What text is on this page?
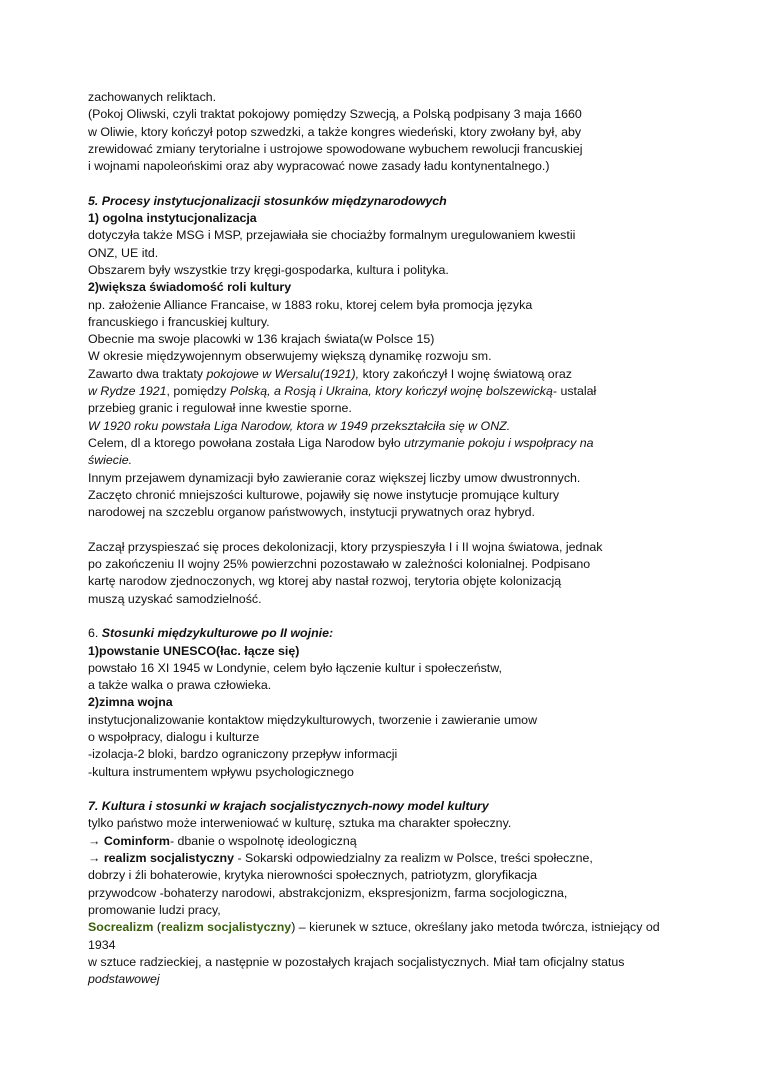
zachowanych reliktach.

(Pokoj Oliwski, czyli traktat pokojowy pomiędzy Szwecją, a Polską podpisany 3 maja 1660

w Oliwie, ktory kończył potop szwedzki, a także kongres wiedeński, ktory zwołany był, aby

zrewidować zmiany terytorialne i ustrojowe spowodowane wybuchem rewolucji francuskiej

i wojnami napoleońskimi oraz aby wypracować nowe zasady ładu kontynentalnego.)

5. Procesy instytucjonalizacji stosunków międzynarodowych

1) ogolna instytucjonalizacja

dotyczyła także MSG i MSP, przejawiała sie chociażby formalnym uregulowaniem kwestii

ONZ, UE itd.

Obszarem były wszystkie trzy kręgi-gospodarka, kultura i polityka.

2)większa świadomość roli kultury

np. założenie Alliance Francaise, w 1883 roku, ktorej celem była promocja języka

francuskiego i francuskiej kultury.

Obecnie ma swoje placowki w 136 krajach świata(w Polsce 15)

W okresie międzywojennym obserwujemy większą dynamikę rozwoju sm.

Zawarto dwa traktaty pokojowe w Wersalu(1921), ktory zakończył I wojnę światową oraz

w Rydze 1921, pomiędzy Polską, a Rosją i Ukraina, ktory kończył wojnę bolszewicką- ustalał

przebieg granic i regulował inne kwestie sporne.

W 1920 roku powstała Liga Narodow, ktora w 1949 przekształciła się w ONZ.

Celem, dl a ktorego powołana została Liga Narodow było utrzymanie pokoju i wspołpracy na

świecie.

Innym przejawem dynamizacji było zawieranie coraz większej liczby umow dwustronnych.

Zaczęto chronić mniejszości kulturowe, pojawiły się nowe instytucje promujące kultury

narodowej na szczeblu organow państwowych, instytucji prywatnych oraz hybryd.

Zaczął przyspieszać się proces dekolonizacji, ktory przyspieszyła I i II wojna światowa, jednak

po zakończeniu II wojny 25% powierzchni pozostawało w zależności kolonialnej. Podpisano

kartę narodow zjednoczonych, wg ktorej aby nastał rozwoj, terytoria objęte kolonizacją

muszą uzyskać samodzielność.

6. Stosunki międzykulturowe po II wojnie:

1)powstanie UNESCO(łac. łącze się)

powstało 16 XI 1945 w Londynie, celem było łączenie kultur i społeczeństw,

a także walka o prawa człowieka.

2)zimna wojna

instytucjonalizowanie kontaktow międzykulturowych, tworzenie i zawieranie umow

o wspołpracy, dialogu i kulturze

-izolacja-2 bloki, bardzo ograniczony przepływ informacji

-kultura instrumentem wpływu psychologicznego

7. Kultura i stosunki w krajach socjalistycznych-nowy model kultury

tylko państwo może interweniować w kulturę, sztuka ma charakter społeczny.

→ Cominform- dbanie o wspolnotę ideologiczną

→ realizm socjalistyczny - Sokarski odpowiedzialny za realizm w Polsce, treści społeczne,

dobrzy i źli bohaterowie, krytyka nierowności społecznych, patriotyzm, gloryfikacja

przywodcow -bohaterzy narodowi, abstrakcjonizm, ekspresjonizm, farma socjologiczna,

promowanie ludzi pracy,

Socrealizm (realizm socjalistyczny) – kierunek w sztuce, określany jako metoda twórcza, istniejący od

1934

w sztuce radzieckiej, a następnie w pozostałych krajach socjalistycznych. Miał tam oficjalny status

podstawowej
